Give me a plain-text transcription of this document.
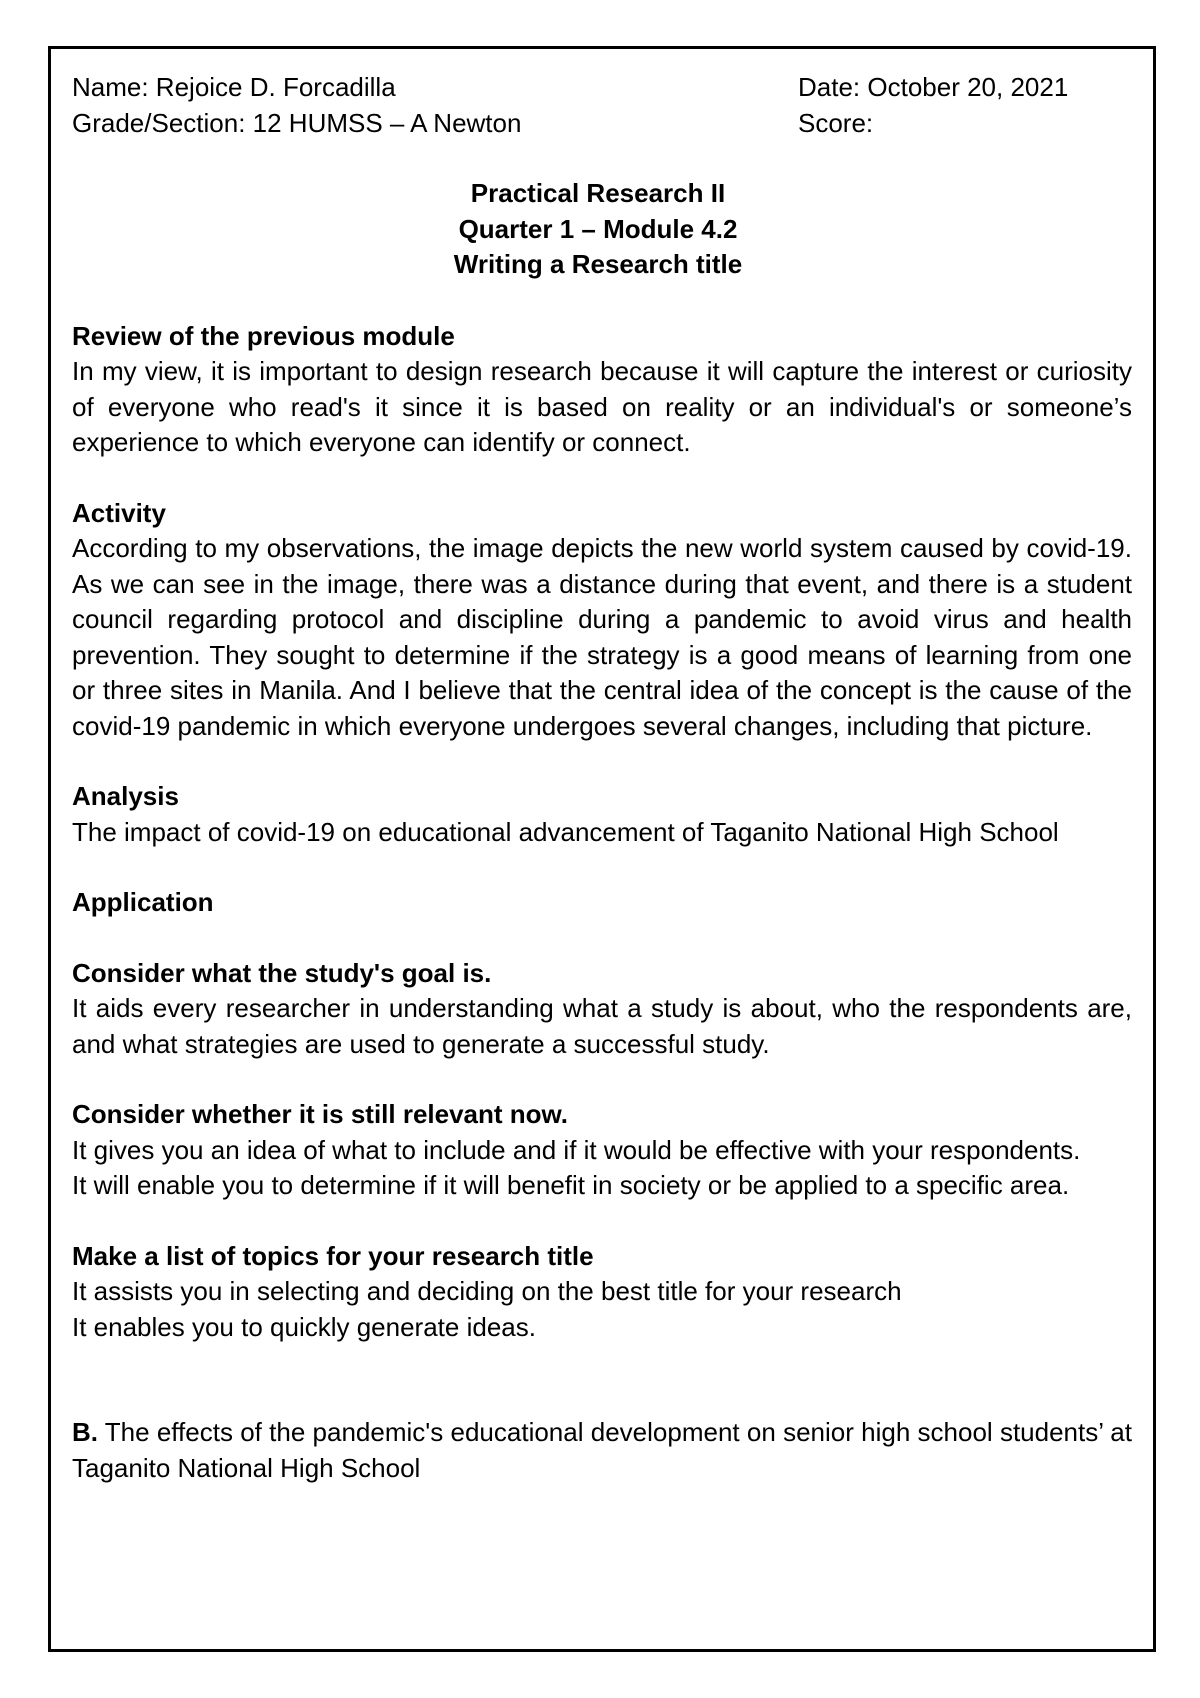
Name: Rejoice D. Forcadilla	Date: October 20, 2021
Grade/Section: 12 HUMSS – A Newton	Score:
Practical Research II
Quarter 1 – Module 4.2
Writing a Research title
Review of the previous module

In my view, it is important to design research because it will capture the interest or curiosity of everyone who read's it since it is based on reality or an individual's or someone’s experience to which everyone can identify or connect.

Activity

According to my observations, the image depicts the new world system caused by covid-19. As we can see in the image, there was a distance during that event, and there is a student council regarding protocol and discipline during a pandemic to avoid virus and health prevention. They sought to determine if the strategy is a good means of learning from one or three sites in Manila. And I believe that the central idea of the concept is the cause of the covid-19 pandemic in which everyone undergoes several changes, including that picture.

Analysis

The impact of covid-19 on educational advancement of Taganito National High School

Application
Consider what the study's goal is.

It aids every researcher in understanding what a study is about, who the respondents are, and what strategies are used to generate a successful study.

Consider whether it is still relevant now.

It gives you an idea of what to include and if it would be effective with your respondents.

It will enable you to determine if it will benefit in society or be applied to a specific area.

Make a list of topics for your research title

It assists you in selecting and deciding on the best title for your research

It enables you to quickly generate ideas.

B. The effects of the pandemic's educational development on senior high school students’ at Taganito National High School
